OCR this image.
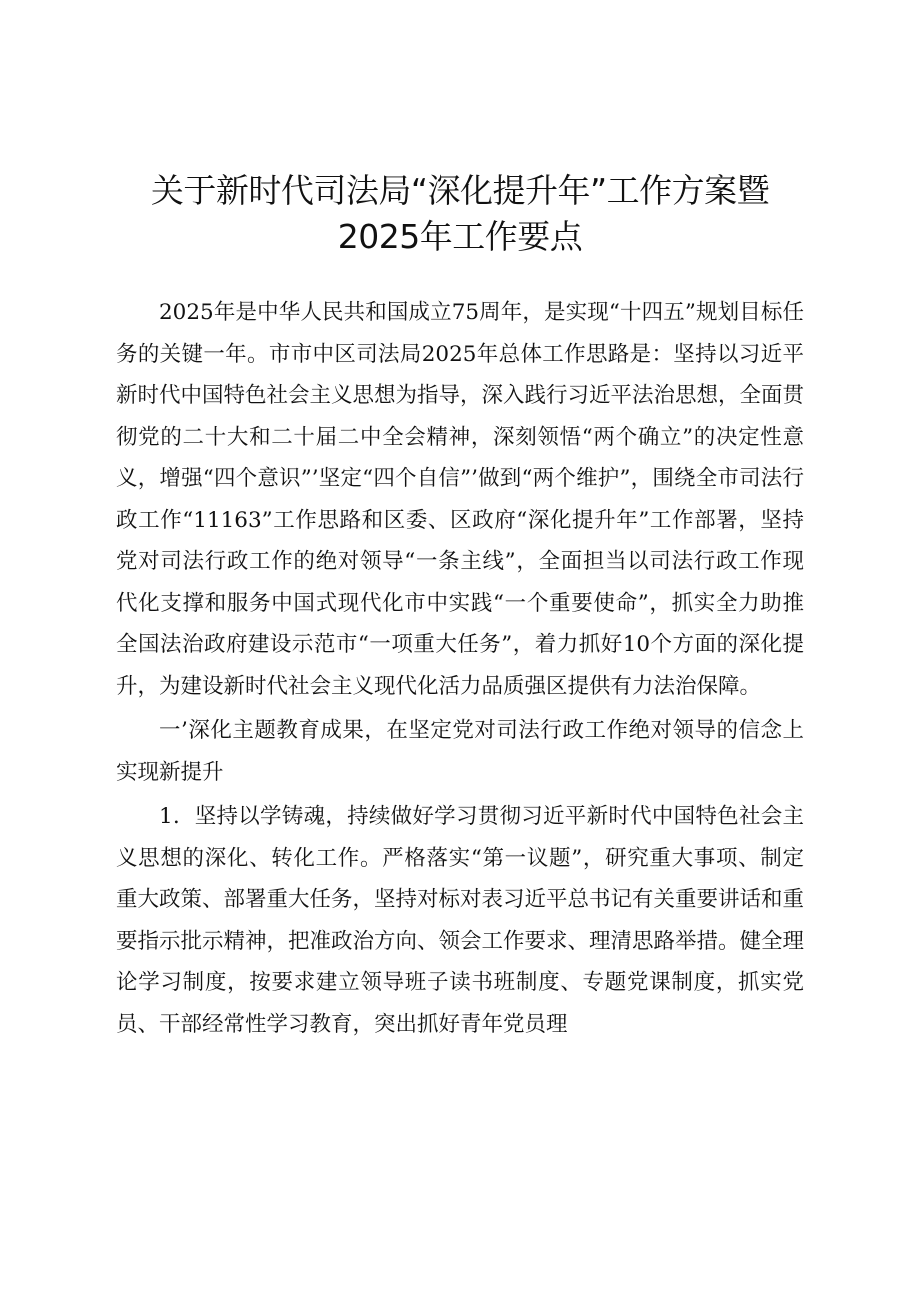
关于新时代司法局“深化提升年”工作方案暨
2025年工作要点

2025年是中华人民共和国成立75周年，是实现“十四五”规划目标任务的关键一年。市市中区司法局2025年总体工作思路是：坚持以习近平新时代中国特色社会主义思想为指导，深入践行习近平法治思想，全面贯彻党的二十大和二十届二中全会精神，深刻领悟“两个确立”的决定性意义，增强“四个意识”’坚定“四个自信”’做到“两个维护”，围绕全市司法行政工作“11163”工作思路和区委、区政府“深化提升年”工作部署，坚持党对司法行政工作的绝对领导“一条主线”，全面担当以司法行政工作现代化支撑和服务中国式现代化市中实践“一个重要使命”，抓实全力助推全国法治政府建设示范市“一项重大任务”，着力抓好10个方面的深化提升，为建设新时代社会主义现代化活力品质强区提供有力法治保障。

一’深化主题教育成果，在坚定党对司法行政工作绝对领导的信念上实现新提升

1．坚持以学铸魂，持续做好学习贯彻习近平新时代中国特色社会主义思想的深化、转化工作。严格落实“第一议题”，研究重大事项、制定重大政策、部署重大任务，坚持对标对表习近平总书记有关重要讲话和重要指示批示精神，把准政治方向、领会工作要求、理清思路举措。健全理论学习制度，按要求建立领导班子读书班制度、专题党课制度，抓实党员、干部经常性学习教育，突出抓好青年党员理
